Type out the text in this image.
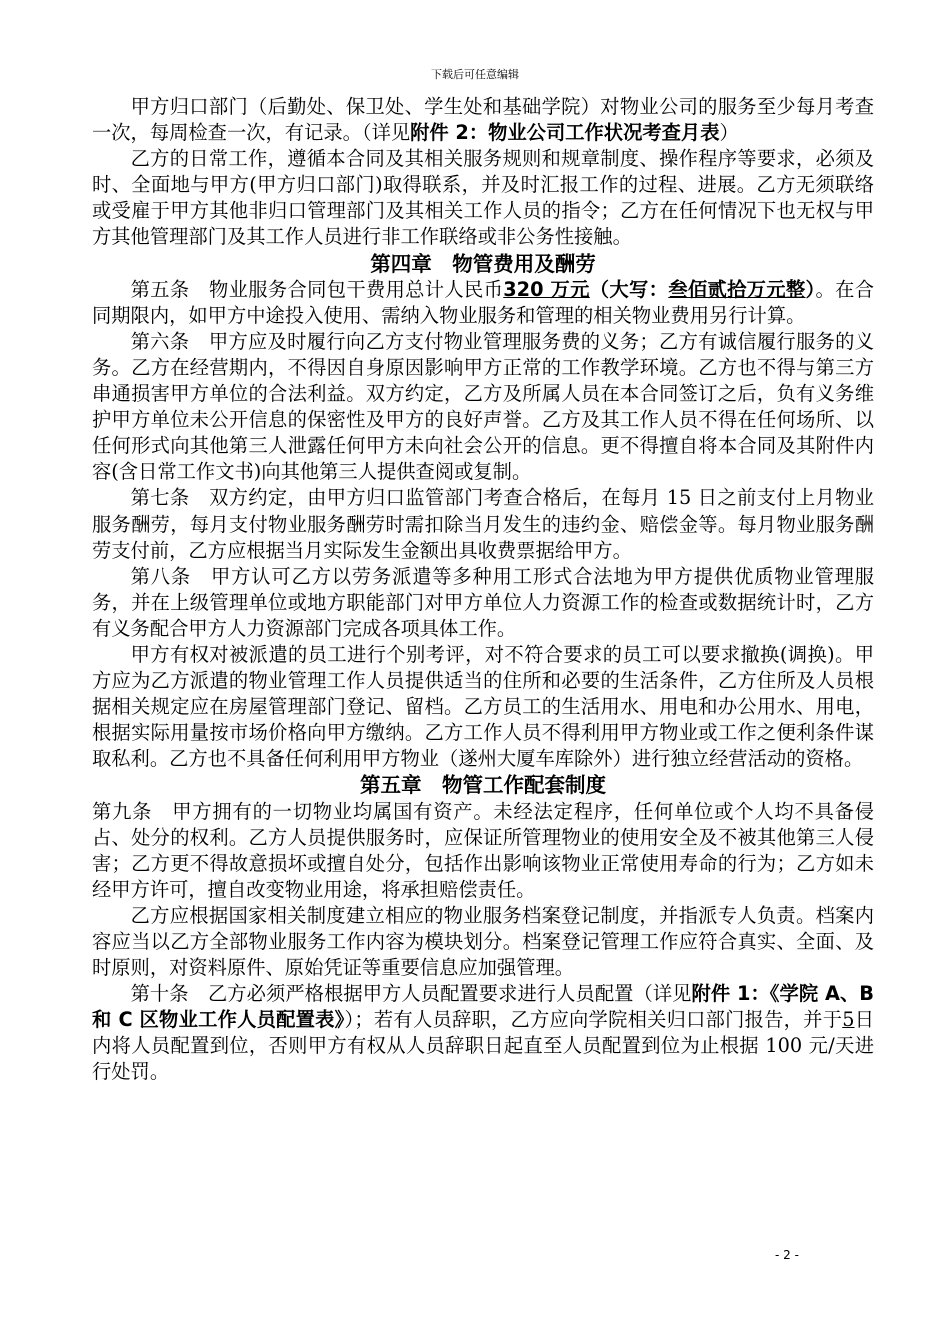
下载后可任意编辑

甲方归口部门（后勤处、保卫处、学生处和基础学院）对物业公司的服务至少每月考查一次，每周检查一次，有记录。（详见附件 2：物业公司工作状况考查月表）

乙方的日常工作，遵循本合同及其相关服务规则和规章制度、操作程序等要求，必须及时、全面地与甲方(甲方归口部门)取得联系，并及时汇报工作的过程、进展。乙方无须联络或受雇于甲方其他非归口管理部门及其相关工作人员的指令；乙方在任何情况下也无权与甲方其他管理部门及其工作人员进行非工作联络或非公务性接触。

第四章　物管费用及酬劳

第五条　物业服务合同包干费用总计人民币320 万元（大写：叁佰贰拾万元整）。在合同期限内，如甲方中途投入使用、需纳入物业服务和管理的相关物业费用另行计算。

第六条　甲方应及时履行向乙方支付物业管理服务费的义务；乙方有诚信履行服务的义务。乙方在经营期内，不得因自身原因影响甲方正常的工作教学环境。乙方也不得与第三方串通损害甲方单位的合法利益。双方约定，乙方及所属人员在本合同签订之后，负有义务维护甲方单位未公开信息的保密性及甲方的良好声誉。乙方及其工作人员不得在任何场所、以任何形式向其他第三人泄露任何甲方未向社会公开的信息。更不得擅自将本合同及其附件内容(含日常工作文书)向其他第三人提供查阅或复制。

第七条　双方约定，由甲方归口监管部门考查合格后，在每月 15 日之前支付上月物业服务酬劳，每月支付物业服务酬劳时需扣除当月发生的违约金、赔偿金等。每月物业服务酬劳支付前，乙方应根据当月实际发生金额出具收费票据给甲方。

第八条　甲方认可乙方以劳务派遣等多种用工形式合法地为甲方提供优质物业管理服务，并在上级管理单位或地方职能部门对甲方单位人力资源工作的检查或数据统计时，乙方有义务配合甲方人力资源部门完成各项具体工作。

甲方有权对被派遣的员工进行个别考评，对不符合要求的员工可以要求撤换(调换)。甲方应为乙方派遣的物业管理工作人员提供适当的住所和必要的生活条件，乙方住所及人员根据相关规定应在房屋管理部门登记、留档。乙方员工的生活用水、用电和办公用水、用电，根据实际用量按市场价格向甲方缴纳。乙方工作人员不得利用甲方物业或工作之便利条件谋取私利。乙方也不具备任何利用甲方物业（遂州大厦车库除外）进行独立经营活动的资格。

第五章　物管工作配套制度

第九条　甲方拥有的一切物业均属国有资产。未经法定程序，任何单位或个人均不具备侵占、处分的权利。乙方人员提供服务时，应保证所管理物业的使用安全及不被其他第三人侵害；乙方更不得故意损坏或擅自处分，包括作出影响该物业正常使用寿命的行为；乙方如未经甲方许可，擅自改变物业用途，将承担赔偿责任。

乙方应根据国家相关制度建立相应的物业服务档案登记制度，并指派专人负责。档案内容应当以乙方全部物业服务工作内容为模块划分。档案登记管理工作应符合真实、全面、及时原则，对资料原件、原始凭证等重要信息应加强管理。

第十条　乙方必须严格根据甲方人员配置要求进行人员配置（详见附件 1：《学院 A、B 和 C 区物业工作人员配置表》）；若有人员辞职，乙方应向学院相关归口部门报告，并于5日内将人员配置到位，否则甲方有权从人员辞职日起直至人员配置到位为止根据 100 元/天进行处罚。

- 2 -
